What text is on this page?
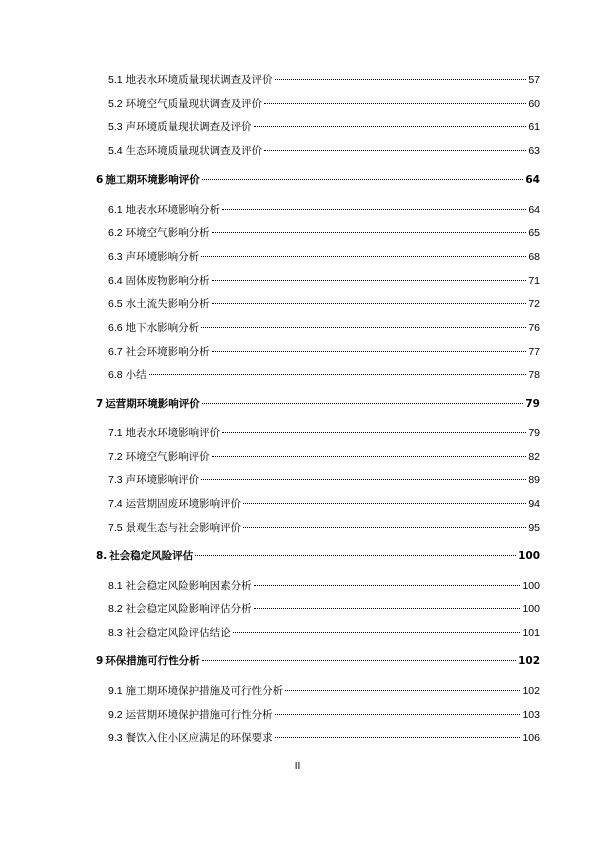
5.1 地表水环境质量现状调查及评价	57
5.2 环境空气质量现状调查及评价	60
5.3 声环境质量现状调查及评价	61
5.4 生态环境质量现状调查及评价	63
6 施工期环境影响评价	64
6.1 地表水环境影响分析	64
6.2 环境空气影响分析	65
6.3 声环境影响分析	68
6.4 固体废物影响分析	71
6.5 水土流失影响分析	72
6.6 地下水影响分析	76
6.7 社会环境影响分析	77
6.8 小结	78
7 运营期环境影响评价	79
7.1 地表水环境影响评价	79
7.2 环境空气影响评价	82
7.3 声环境影响评价	89
7.4 运营期固废环境影响评价	94
7.5 景观生态与社会影响评价	95
8. 社会稳定风险评估	100
8.1 社会稳定风险影响因素分析	100
8.2 社会稳定风险影响评估分析	100
8.3 社会稳定风险评估结论	101
9 环保措施可行性分析	102
9.1 施工期环境保护措施及可行性分析	102
9.2 运营期环境保护措施可行性分析	103
9.3 餐饮入住小区应满足的环保要求	106
II
